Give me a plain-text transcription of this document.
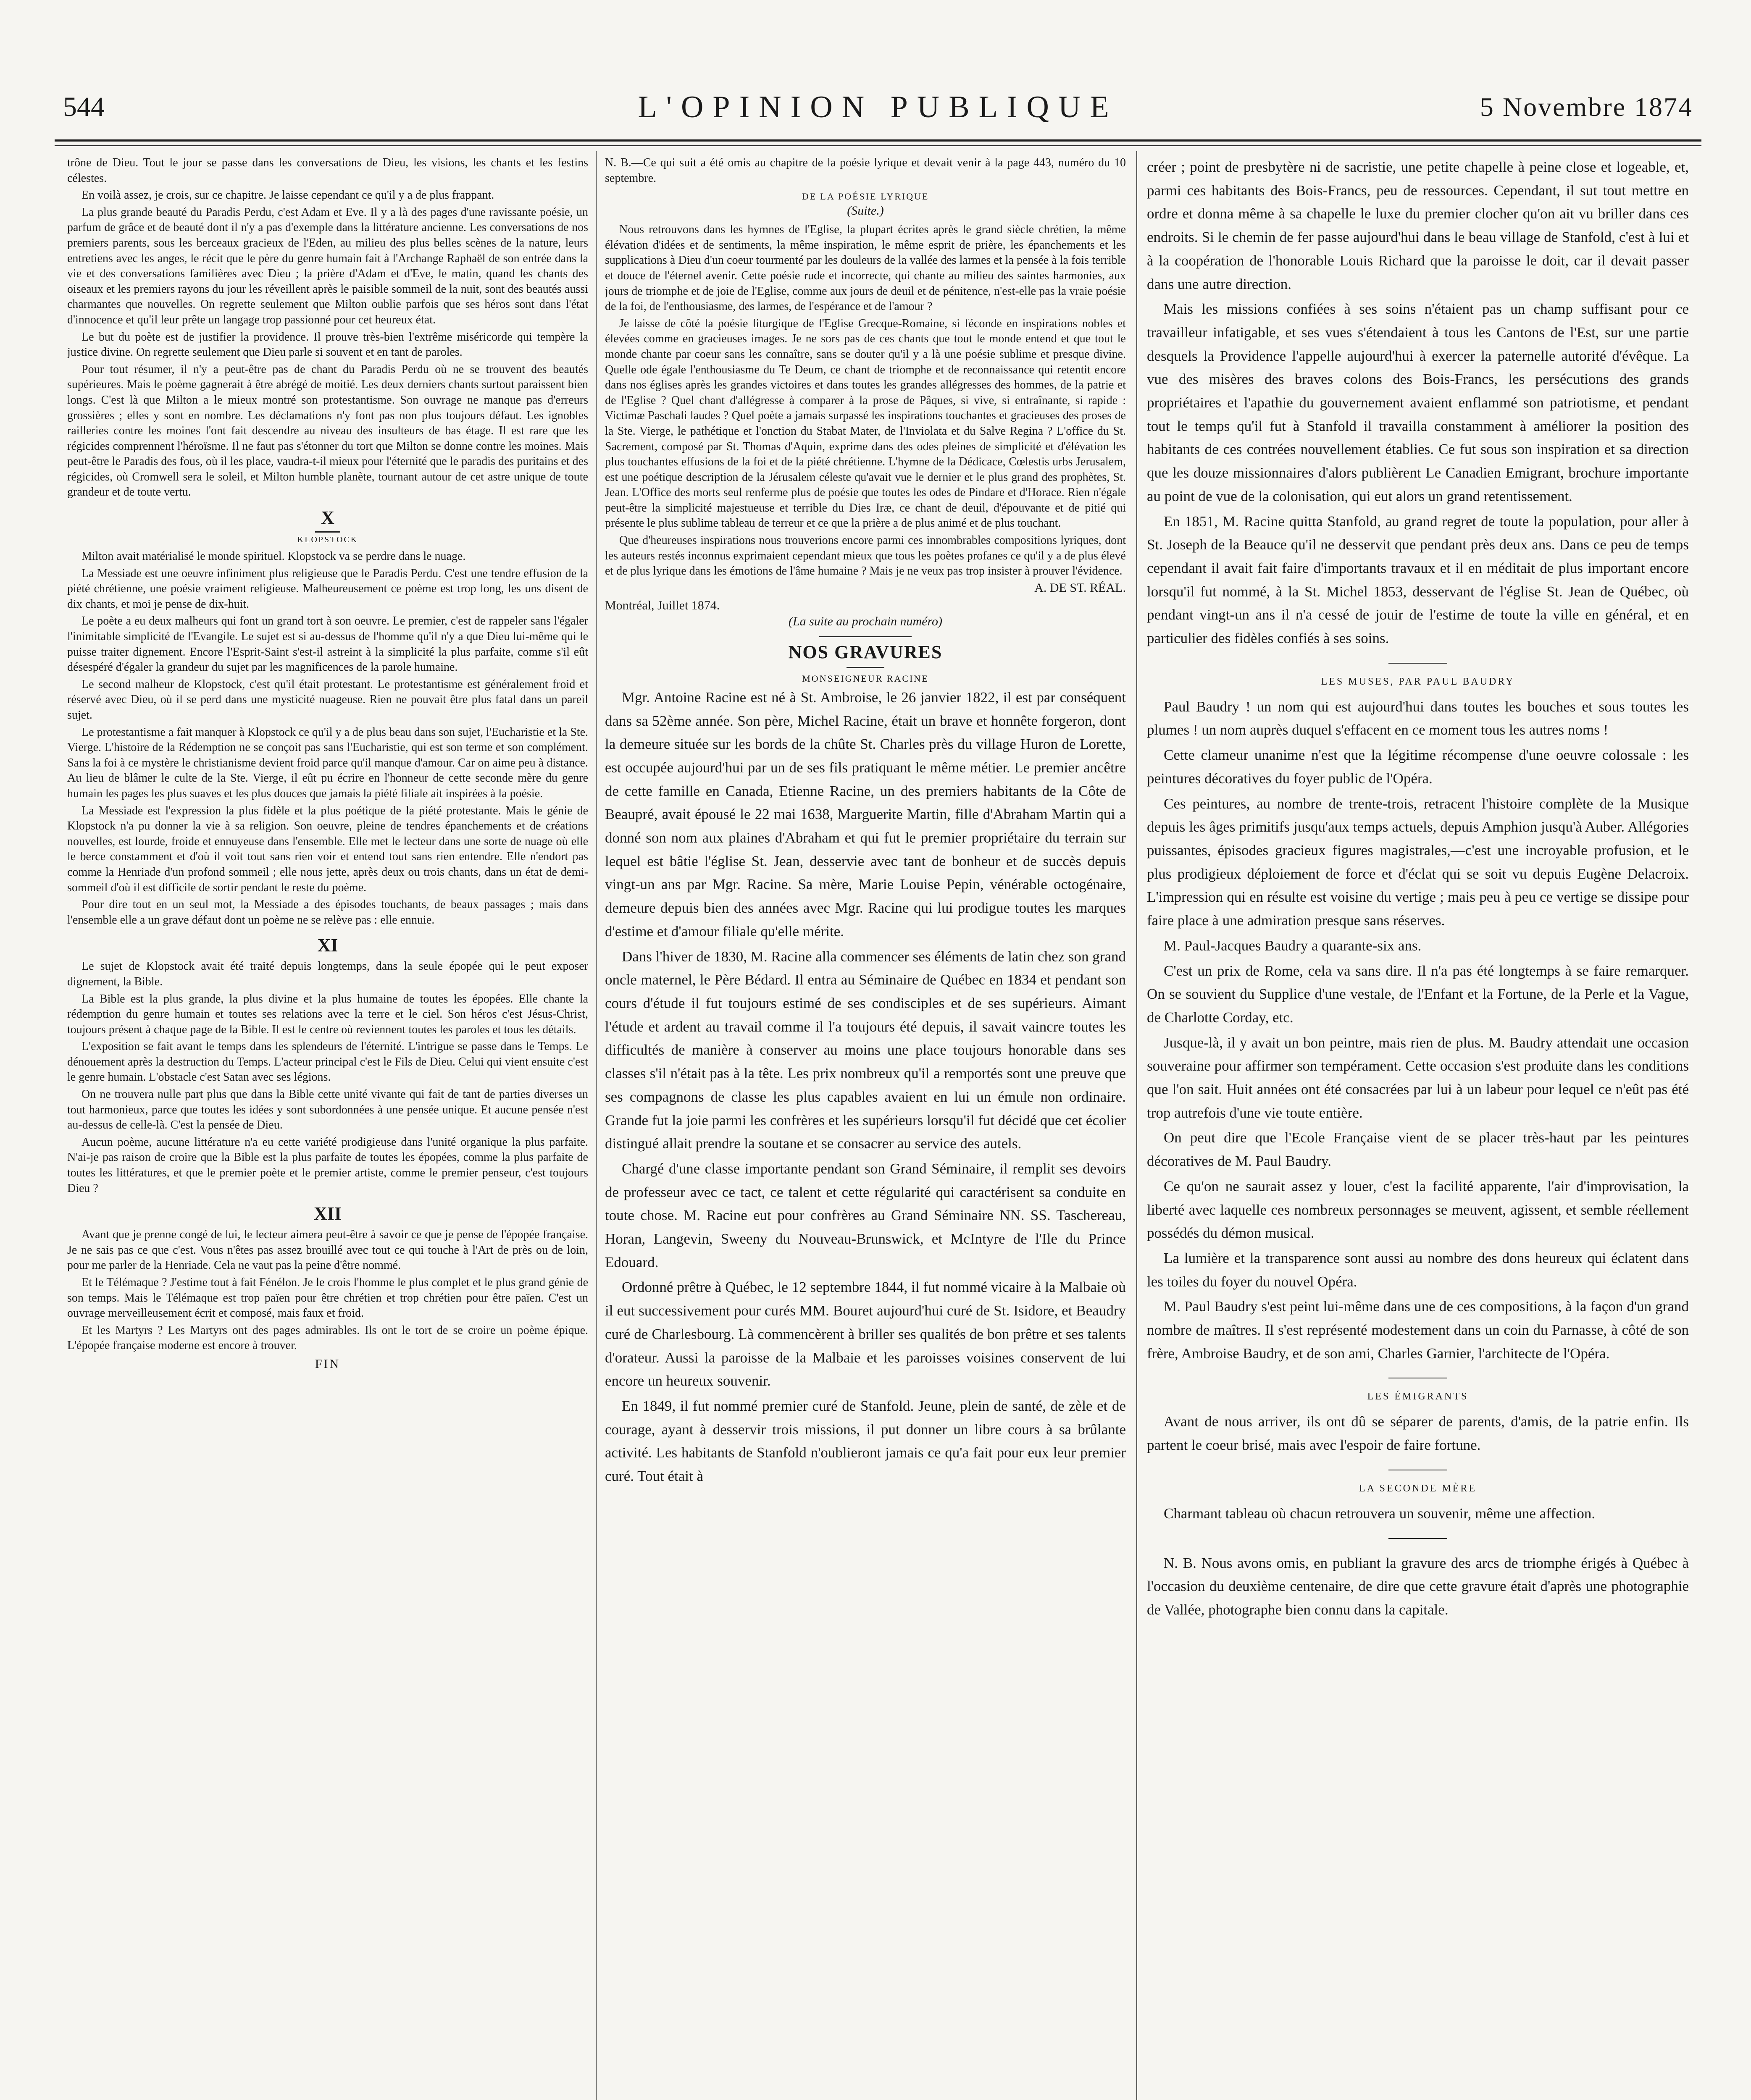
544	L'OPINION PUBLIQUE	5 Novembre 1874

trône de Dieu. Tout le jour se passe dans les conversations de Dieu, les visions, les chants et les festins célestes.

En voilà assez, je crois, sur ce chapitre. Je laisse cependant ce qu'il y a de plus frappant.

La plus grande beauté du Paradis Perdu, c'est Adam et Eve. Il y a là des pages d'une ravissante poésie, un parfum de grâce et de beauté dont il n'y a pas d'exemple dans la littérature ancienne. Les conversations de nos premiers parents, sous les berceaux gracieux de l'Eden, au milieu des plus belles scènes de la nature, leurs entretiens avec les anges, le récit que le père du genre humain fait à l'Archange Raphaël de son entrée dans la vie et des conversations familières avec Dieu ; la prière d'Adam et d'Eve, le matin, quand les chants des oiseaux et les premiers rayons du jour les réveillent après le paisible sommeil de la nuit, sont des beautés aussi charmantes que nouvelles. On regrette seulement que Milton oublie parfois que ses héros sont dans l'état d'innocence et qu'il leur prête un langage trop passionné pour cet heureux état.

Le but du poète est de justifier la providence. Il prouve très-bien l'extrême miséricorde qui tempère la justice divine. On regrette seulement que Dieu parle si souvent et en tant de paroles.

Pour tout résumer, il n'y a peut-être pas de chant du Paradis Perdu où ne se trouvent des beautés supérieures. Mais le poème gagnerait à être abrégé de moitié. Les deux derniers chants surtout paraissent bien longs. C'est là que Milton a le mieux montré son protestantisme. Son ouvrage ne manque pas d'erreurs grossières ; elles y sont en nombre. Les déclamations n'y font pas non plus toujours défaut. Les ignobles railleries contre les moines l'ont fait descendre au niveau des insulteurs de bas étage. Il est rare que les régicides comprennent l'héroïsme. Il ne faut pas s'étonner du tort que Milton se donne contre les moines. Mais peut-être le Paradis des fous, où il les place, vaudra-t-il mieux pour l'éternité que le paradis des puritains et des régicides, où Cromwell sera le soleil, et Milton humble planète, tournant autour de cet astre unique de toute grandeur et de toute vertu.

X
KLOPSTOCK

Milton avait matérialisé le monde spirituel. Klopstock va se perdre dans le nuage.

La Messiade est une oeuvre infiniment plus religieuse que le Paradis Perdu. C'est une tendre effusion de la piété chrétienne, une poésie vraiment religieuse. Malheureusement ce poème est trop long, les uns disent de dix chants, et moi je pense de dix-huit.

Le poète a eu deux malheurs qui font un grand tort à son oeuvre. Le premier, c'est de rappeler sans l'égaler l'inimitable simplicité de l'Evangile. Le sujet est si au-dessus de l'homme qu'il n'y a que Dieu lui-même qui le puisse traiter dignement. Encore l'Esprit-Saint s'est-il astreint à la simplicité la plus parfaite, comme s'il eût désespéré d'égaler la grandeur du sujet par les magnificences de la parole humaine.

Le second malheur de Klopstock, c'est qu'il était protestant. Le protestantisme est généralement froid et réservé avec Dieu, où il se perd dans une mysticité nuageuse. Rien ne pouvait être plus fatal dans un pareil sujet.

Le protestantisme a fait manquer à Klopstock ce qu'il y a de plus beau dans son sujet, l'Eucharistie et la Ste. Vierge. L'histoire de la Rédemption ne se conçoit pas sans l'Eucharistie, qui est son terme et son complément. Sans la foi à ce mystère le christianisme devient froid parce qu'il manque d'amour. Car on aime peu à distance. Au lieu de blâmer le culte de la Ste. Vierge, il eût pu écrire en l'honneur de cette seconde mère du genre humain les pages les plus suaves et les plus douces que jamais la piété filiale ait inspirées à la poésie.

La Messiade est l'expression la plus fidèle et la plus poétique de la piété protestante. Mais le génie de Klopstock n'a pu donner la vie à sa religion. Son oeuvre, pleine de tendres épanchements et de créations nouvelles, est lourde, froide et ennuyeuse dans l'ensemble. Elle met le lecteur dans une sorte de nuage où elle le berce constamment et d'où il voit tout sans rien voir et entend tout sans rien entendre. Elle n'endort pas comme la Henriade d'un profond sommeil ; elle nous jette, après deux ou trois chants, dans un état de demi-sommeil d'où il est difficile de sortir pendant le reste du poème.

Pour dire tout en un seul mot, la Messiade a des épisodes touchants, de beaux passages ; mais dans l'ensemble elle a un grave défaut dont un poème ne se relève pas : elle ennuie.

XI

Le sujet de Klopstock avait été traité depuis longtemps, dans la seule épopée qui le peut exposer dignement, la Bible.

La Bible est la plus grande, la plus divine et la plus humaine de toutes les épopées. Elle chante la rédemption du genre humain et toutes ses relations avec la terre et le ciel. Son héros c'est Jésus-Christ, toujours présent à chaque page de la Bible. Il est le centre où reviennent toutes les paroles et tous les détails.

L'exposition se fait avant le temps dans les splendeurs de l'éternité. L'intrigue se passe dans le Temps. Le dénouement après la destruction du Temps. L'acteur principal c'est le Fils de Dieu. Celui qui vient ensuite c'est le genre humain. L'obstacle c'est Satan avec ses légions.

On ne trouvera nulle part plus que dans la Bible cette unité vivante qui fait de tant de parties diverses un tout harmonieux, parce que toutes les idées y sont subordonnées à une pensée unique. Et aucune pensée n'est au-dessus de celle-là. C'est la pensée de Dieu.

Aucun poème, aucune littérature n'a eu cette variété prodigieuse dans l'unité organique la plus parfaite. N'ai-je pas raison de croire que la Bible est la plus parfaite de toutes les épopées, comme la plus parfaite de toutes les littératures, et que le premier poète et le premier artiste, comme le premier penseur, c'est toujours Dieu ?

XII

Avant que je prenne congé de lui, le lecteur aimera peut-être à savoir ce que je pense de l'épopée française. Je ne sais pas ce que c'est. Vous n'êtes pas assez brouillé avec tout ce qui touche à l'Art de près ou de loin, pour me parler de la Henriade. Cela ne vaut pas la peine d'être nommé.

Et le Télémaque ? J'estime tout à fait Fénélon. Je le crois l'homme le plus complet et le plus grand génie de son temps. Mais le Télémaque est trop païen pour être chrétien et trop chrétien pour être païen. C'est un ouvrage merveilleusement écrit et composé, mais faux et froid.

Et les Martyrs ? Les Martyrs ont des pages admirables. Ils ont le tort de se croire un poème épique. L'épopée française moderne est encore à trouver.

FIN

N. B.—Ce qui suit a été omis au chapitre de la poésie lyrique et devait venir à la page 443, numéro du 10 septembre.

DE LA POÉSIE LYRIQUE
(Suite.)

Nous retrouvons dans les hymnes de l'Eglise, la plupart écrites après le grand siècle chrétien, la même élévation d'idées et de sentiments, la même inspiration, le même esprit de prière, les épanchements et les supplications à Dieu d'un coeur tourmenté par les douleurs de la vallée des larmes et la pensée à la fois terrible et douce de l'éternel avenir. Cette poésie rude et incorrecte, qui chante au milieu des saintes harmonies, aux jours de triomphe et de joie de l'Eglise, comme aux jours de deuil et de pénitence, n'est-elle pas la vraie poésie de la foi, de l'enthousiasme, des larmes, de l'espérance et de l'amour ?

Je laisse de côté la poésie liturgique de l'Eglise Grecque-Romaine, si féconde en inspirations nobles et élevées comme en gracieuses images. Je ne sors pas de ces chants que tout le monde entend et que tout le monde chante par coeur sans les connaître, sans se douter qu'il y a là une poésie sublime et presque divine. Quelle ode égale l'enthousiasme du Te Deum, ce chant de triomphe et de reconnaissance qui retentit encore dans nos églises après les grandes victoires et dans toutes les grandes allégresses des hommes, de la patrie et de l'Eglise ? Quel chant d'allégresse à comparer à la prose de Pâques, si vive, si entraînante, si rapide : Victimæ Paschali laudes ? Quel poète a jamais surpassé les inspirations touchantes et gracieuses des proses de la Ste. Vierge, le pathétique et l'onction du Stabat Mater, de l'Inviolata et du Salve Regina ? L'office du St. Sacrement, composé par St. Thomas d'Aquin, exprime dans des odes pleines de simplicité et d'élévation les plus touchantes effusions de la foi et de la piété chrétienne. L'hymne de la Dédicace, Cœlestis urbs Jerusalem, est une poétique description de la Jérusalem céleste qu'avait vue le dernier et le plus grand des prophètes, St. Jean. L'Office des morts seul renferme plus de poésie que toutes les odes de Pindare et d'Horace. Rien n'égale peut-être la simplicité majestueuse et terrible du Dies Iræ, ce chant de deuil, d'épouvante et de pitié qui présente le plus sublime tableau de terreur et ce que la prière a de plus animé et de plus touchant.

Que d'heureuses inspirations nous trouverions encore parmi ces innombrables compositions lyriques, dont les auteurs restés inconnus exprimaient cependant mieux que tous les poètes profanes ce qu'il y a de plus élevé et de plus lyrique dans les émotions de l'âme humaine ? Mais je ne veux pas trop insister à prouver l'évidence.

A. DE ST. RÉAL.
Montréal, Juillet 1874.
(La suite au prochain numéro)
NOS GRAVURES
MONSEIGNEUR RACINE

Mgr. Antoine Racine est né à St. Ambroise, le 26 janvier 1822, il est par conséquent dans sa 52ème année. Son père, Michel Racine, était un brave et honnête forgeron, dont la demeure située sur les bords de la chûte St. Charles près du village Huron de Lorette, est occupée aujourd'hui par un de ses fils pratiquant le même métier. Le premier ancêtre de cette famille en Canada, Etienne Racine, un des premiers habitants de la Côte de Beaupré, avait épousé le 22 mai 1638, Marguerite Martin, fille d'Abraham Martin qui a donné son nom aux plaines d'Abraham et qui fut le premier propriétaire du terrain sur lequel est bâtie l'église St. Jean, desservie avec tant de bonheur et de succès depuis vingt-un ans par Mgr. Racine. Sa mère, Marie Louise Pepin, vénérable octogénaire, demeure depuis bien des années avec Mgr. Racine qui lui prodigue toutes les marques d'estime et d'amour filiale qu'elle mérite.

Dans l'hiver de 1830, M. Racine alla commencer ses éléments de latin chez son grand oncle maternel, le Père Bédard. Il entra au Séminaire de Québec en 1834 et pendant son cours d'étude il fut toujours estimé de ses condisciples et de ses supérieurs. Aimant l'étude et ardent au travail comme il l'a toujours été depuis, il savait vaincre toutes les difficultés de manière à conserver au moins une place toujours honorable dans ses classes s'il n'était pas à la tête. Les prix nombreux qu'il a remportés sont une preuve que ses compagnons de classe les plus capables avaient en lui un émule non ordinaire. Grande fut la joie parmi les confrères et les supérieurs lorsqu'il fut décidé que cet écolier distingué allait prendre la soutane et se consacrer au service des autels.

Chargé d'une classe importante pendant son Grand Séminaire, il remplit ses devoirs de professeur avec ce tact, ce talent et cette régularité qui caractérisent sa conduite en toute chose. M. Racine eut pour confrères au Grand Séminaire NN. SS. Taschereau, Horan, Langevin, Sweeny du Nouveau-Brunswick, et McIntyre de l'Ile du Prince Edouard.

Ordonné prêtre à Québec, le 12 septembre 1844, il fut nommé vicaire à la Malbaie où il eut successivement pour curés MM. Bouret aujourd'hui curé de St. Isidore, et Beaudry curé de Charlesbourg. Là commencèrent à briller ses qualités de bon prêtre et ses talents d'orateur. Aussi la paroisse de la Malbaie et les paroisses voisines conservent de lui encore un heureux souvenir.

En 1849, il fut nommé premier curé de Stanfold. Jeune, plein de santé, de zèle et de courage, ayant à desservir trois missions, il put donner un libre cours à sa brûlante activité. Les habitants de Stanfold n'oublieront jamais ce qu'a fait pour eux leur premier curé. Tout était à

créer ; point de presbytère ni de sacristie, une petite chapelle à peine close et logeable, et, parmi ces habitants des Bois-Francs, peu de ressources. Cependant, il sut tout mettre en ordre et donna même à sa chapelle le luxe du premier clocher qu'on ait vu briller dans ces endroits. Si le chemin de fer passe aujourd'hui dans le beau village de Stanfold, c'est à lui et à la coopération de l'honorable Louis Richard que la paroisse le doit, car il devait passer dans une autre direction.

Mais les missions confiées à ses soins n'étaient pas un champ suffisant pour ce travailleur infatigable, et ses vues s'étendaient à tous les Cantons de l'Est, sur une partie desquels la Providence l'appelle aujourd'hui à exercer la paternelle autorité d'évêque. La vue des misères des braves colons des Bois-Francs, les persécutions des grands propriétaires et l'apathie du gouvernement avaient enflammé son patriotisme, et pendant tout le temps qu'il fut à Stanfold il travailla constamment à améliorer la position des habitants de ces contrées nouvellement établies. Ce fut sous son inspiration et sa direction que les douze missionnaires d'alors publièrent Le Canadien Emigrant, brochure importante au point de vue de la colonisation, qui eut alors un grand retentissement.

En 1851, M. Racine quitta Stanfold, au grand regret de toute la population, pour aller à St. Joseph de la Beauce qu'il ne desservit que pendant près deux ans. Dans ce peu de temps cependant il avait fait faire d'importants travaux et il en méditait de plus important encore lorsqu'il fut nommé, à la St. Michel 1853, desservant de l'église St. Jean de Québec, où pendant vingt-un ans il n'a cessé de jouir de l'estime de toute la ville en général, et en particulier des fidèles confiés à ses soins.

LES MUSES, PAR PAUL BAUDRY

Paul Baudry ! un nom qui est aujourd'hui dans toutes les bouches et sous toutes les plumes ! un nom auprès duquel s'effacent en ce moment tous les autres noms !

Cette clameur unanime n'est que la légitime récompense d'une oeuvre colossale : les peintures décoratives du foyer public de l'Opéra.

Ces peintures, au nombre de trente-trois, retracent l'histoire complète de la Musique depuis les âges primitifs jusqu'aux temps actuels, depuis Amphion jusqu'à Auber. Allégories puissantes, épisodes gracieux figures magistrales,—c'est une incroyable profusion, et le plus prodigieux déploiement de force et d'éclat qui se soit vu depuis Eugène Delacroix. L'impression qui en résulte est voisine du vertige ; mais peu à peu ce vertige se dissipe pour faire place à une admiration presque sans réserves.

M. Paul-Jacques Baudry a quarante-six ans.

C'est un prix de Rome, cela va sans dire. Il n'a pas été longtemps à se faire remarquer. On se souvient du Supplice d'une vestale, de l'Enfant et la Fortune, de la Perle et la Vague, de Charlotte Corday, etc.

Jusque-là, il y avait un bon peintre, mais rien de plus. M. Baudry attendait une occasion souveraine pour affirmer son tempérament. Cette occasion s'est produite dans les conditions que l'on sait. Huit années ont été consacrées par lui à un labeur pour lequel ce n'eût pas été trop autrefois d'une vie toute entière.

On peut dire que l'Ecole Française vient de se placer très-haut par les peintures décoratives de M. Paul Baudry.

Ce qu'on ne saurait assez y louer, c'est la facilité apparente, l'air d'improvisation, la liberté avec laquelle ces nombreux personnages se meuvent, agissent, et semble réellement possédés du démon musical.

La lumière et la transparence sont aussi au nombre des dons heureux qui éclatent dans les toiles du foyer du nouvel Opéra.

M. Paul Baudry s'est peint lui-même dans une de ces compositions, à la façon d'un grand nombre de maîtres. Il s'est représenté modestement dans un coin du Parnasse, à côté de son frère, Ambroise Baudry, et de son ami, Charles Garnier, l'architecte de l'Opéra.

LES ÉMIGRANTS

Avant de nous arriver, ils ont dû se séparer de parents, d'amis, de la patrie enfin. Ils partent le coeur brisé, mais avec l'espoir de faire fortune.

LA SECONDE MÈRE

Charmant tableau où chacun retrouvera un souvenir, même une affection.

N. B. Nous avons omis, en publiant la gravure des arcs de triomphe érigés à Québec à l'occasion du deuxième centenaire, de dire que cette gravure était d'après une photographie de Vallée, photographe bien connu dans la capitale.
